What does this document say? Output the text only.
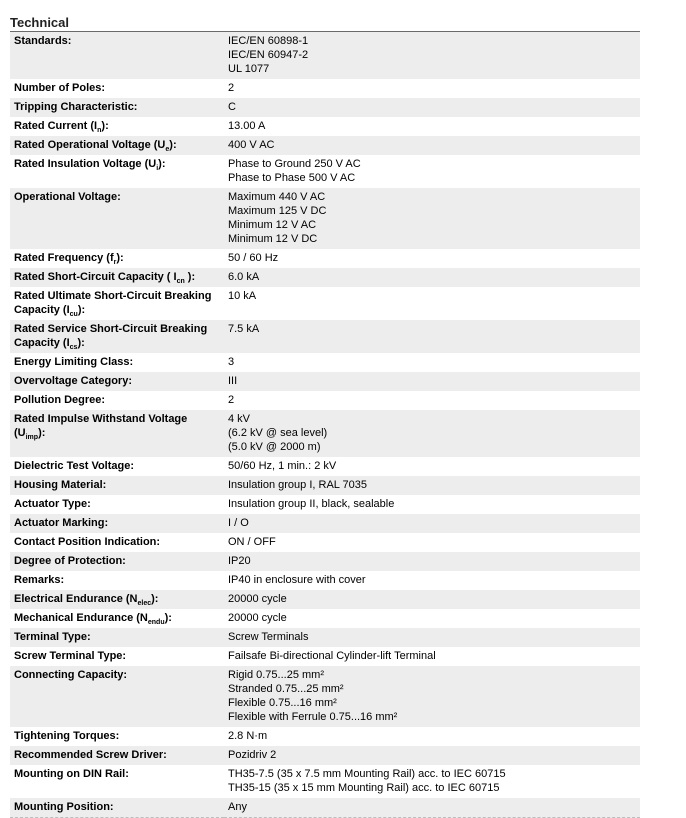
Technical
Standards:	IEC/EN 60898-1
IEC/EN 60947-2
UL 1077

Number of Poles:	2

Tripping Characteristic:	C

Rated Current $(I_n)$:	13.00 A

Rated Operational Voltage $(U_e)$:	400 V AC

Rated Insulation Voltage $(U_i)$:	Phase to Ground 250 V AC
Phase to Phase 500 V AC

Operational Voltage:	Maximum 440 V AC
Maximum 125 V DC
Minimum 12 V AC
Minimum 12 V DC

Rated Frequency $(f_r)$:	50 / 60 Hz

Rated Short-Circuit Capacity ( $I_{cn}$ ):	6.0 kA

Rated Ultimate Short-Circuit Breaking Capacity $(I_{cu})$:	10 kA

Rated Service Short-Circuit Breaking Capacity $(I_{cs})$:	7.5 kA

Energy Limiting Class:	3

Overvoltage Category:	III

Pollution Degree:	2

Rated Impulse Withstand Voltage $(U_{imp})$:	4 kV
(6.2 kV @ sea level)
(5.0 kV @ 2000 m)

Dielectric Test Voltage:	50/60 Hz, 1 min.: 2 kV

Housing Material:	Insulation group I, RAL 7035

Actuator Type:	Insulation group II, black, sealable

Actuator Marking:	I / O

Contact Position Indication:	ON / OFF

Degree of Protection:	IP20

Remarks:	IP40 in enclosure with cover

Electrical Endurance $(N_{elec})$:	20000 cycle

Mechanical Endurance $(N_{endu})$:	20000 cycle

Terminal Type:	Screw Terminals

Screw Terminal Type:	Failsafe Bi-directional Cylinder-lift Terminal

Connecting Capacity:	Rigid 0.75...25 mm²
Stranded 0.75...25 mm²
Flexible 0.75...16 mm²
Flexible with Ferrule 0.75...16 mm²

Tightening Torques:	2.8 N·m

Recommended Screw Driver:	Pozidriv 2

Mounting on DIN Rail:	TH35-7.5 (35 x 7.5 mm Mounting Rail) acc. to IEC 60715
TH35-15 (35 x 15 mm Mounting Rail) acc. to IEC 60715

Mounting Position:	Any
